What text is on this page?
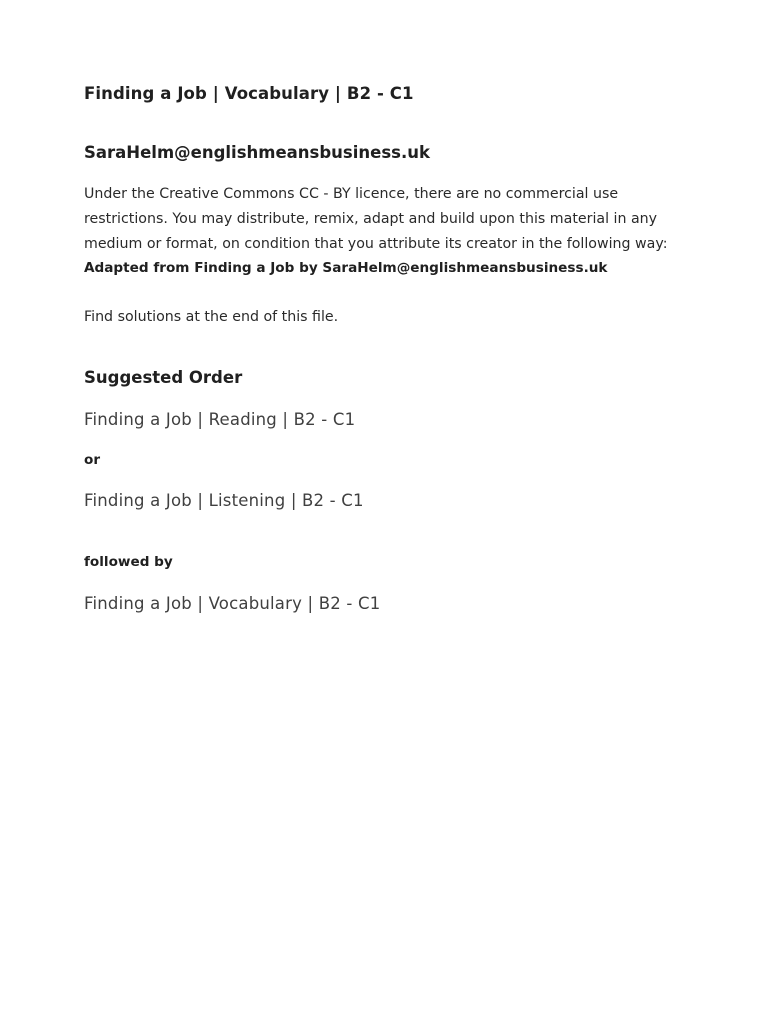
Finding a Job | Vocabulary | B2 - C1
SaraHelm@englishmeansbusiness.uk

Under the Creative Commons CC - BY licence, there are no commercial use

restrictions. You may distribute, remix, adapt and build upon this material in any

medium or format, on condition that you attribute its creator in the following way:

Adapted from Finding a Job by SaraHelm@englishmeansbusiness.uk
Find solutions at the end of this file.
Suggested Order
Finding a Job | Reading | B2 - C1
or
Finding a Job | Listening | B2 - C1
followed by
Finding a Job | Vocabulary | B2 - C1
